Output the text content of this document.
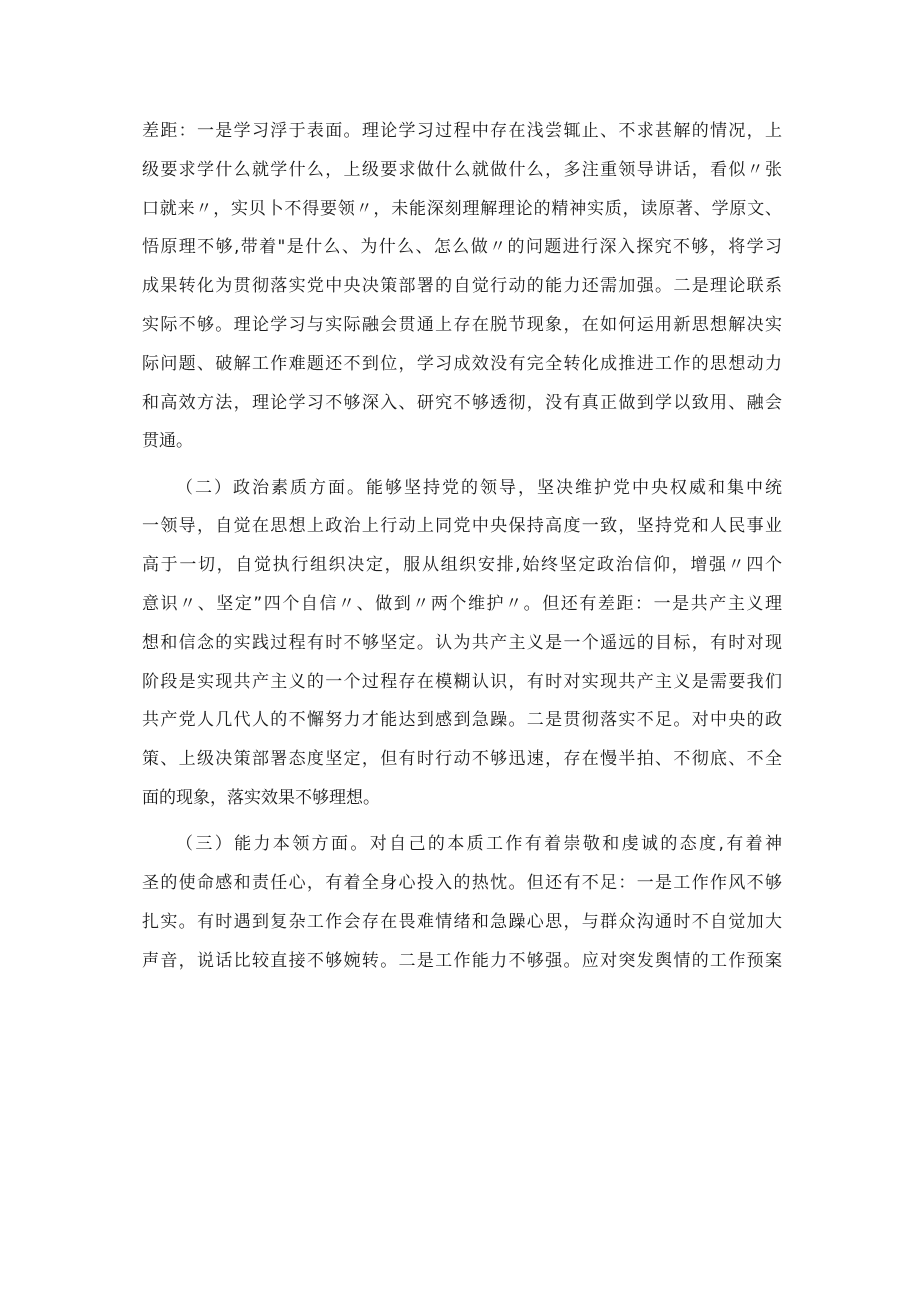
差距：一是学习浮于表面。理论学习过程中存在浅尝辄止、不求甚解的情况，上
级要求学什么就学什么，上级要求做什么就做什么，多注重领导讲话，看似〃张
口就来〃，实贝卜不得要领〃，未能深刻理解理论的精神实质，读原著、学原文、
悟原理不够,带着"是什么、为什么、怎么做〃的问题进行深入探究不够，将学习
成果转化为贯彻落实党中央决策部署的自觉行动的能力还需加强。二是理论联系
实际不够。理论学习与实际融会贯通上存在脱节现象，在如何运用新思想解决实
际问题、破解工作难题还不到位，学习成效没有完全转化成推进工作的思想动力
和高效方法，理论学习不够深入、研究不够透彻，没有真正做到学以致用、融会
贯通。
（二）政治素质方面。能够坚持党的领导，坚决维护党中央权威和集中统
一领导，自觉在思想上政治上行动上同党中央保持高度一致，坚持党和人民事业
高于一切，自觉执行组织决定，服从组织安排,始终坚定政治信仰，增强〃四个
意识〃、坚定”四个自信〃、做到〃两个维护〃。但还有差距：一是共产主义理
想和信念的实践过程有时不够坚定。认为共产主义是一个遥远的目标，有时对现
阶段是实现共产主义的一个过程存在模糊认识，有时对实现共产主义是需要我们
共产党人几代人的不懈努力才能达到感到急躁。二是贯彻落实不足。对中央的政
策、上级决策部署态度坚定，但有时行动不够迅速，存在慢半拍、不彻底、不全
面的现象，落实效果不够理想。
（三）能力本领方面。对自己的本质工作有着崇敬和虔诚的态度,有着神
圣的使命感和责任心，有着全身心投入的热忱。但还有不足：一是工作作风不够
扎实。有时遇到复杂工作会存在畏难情绪和急躁心思，与群众沟通时不自觉加大
声音，说话比较直接不够婉转。二是工作能力不够强。应对突发舆情的工作预案
